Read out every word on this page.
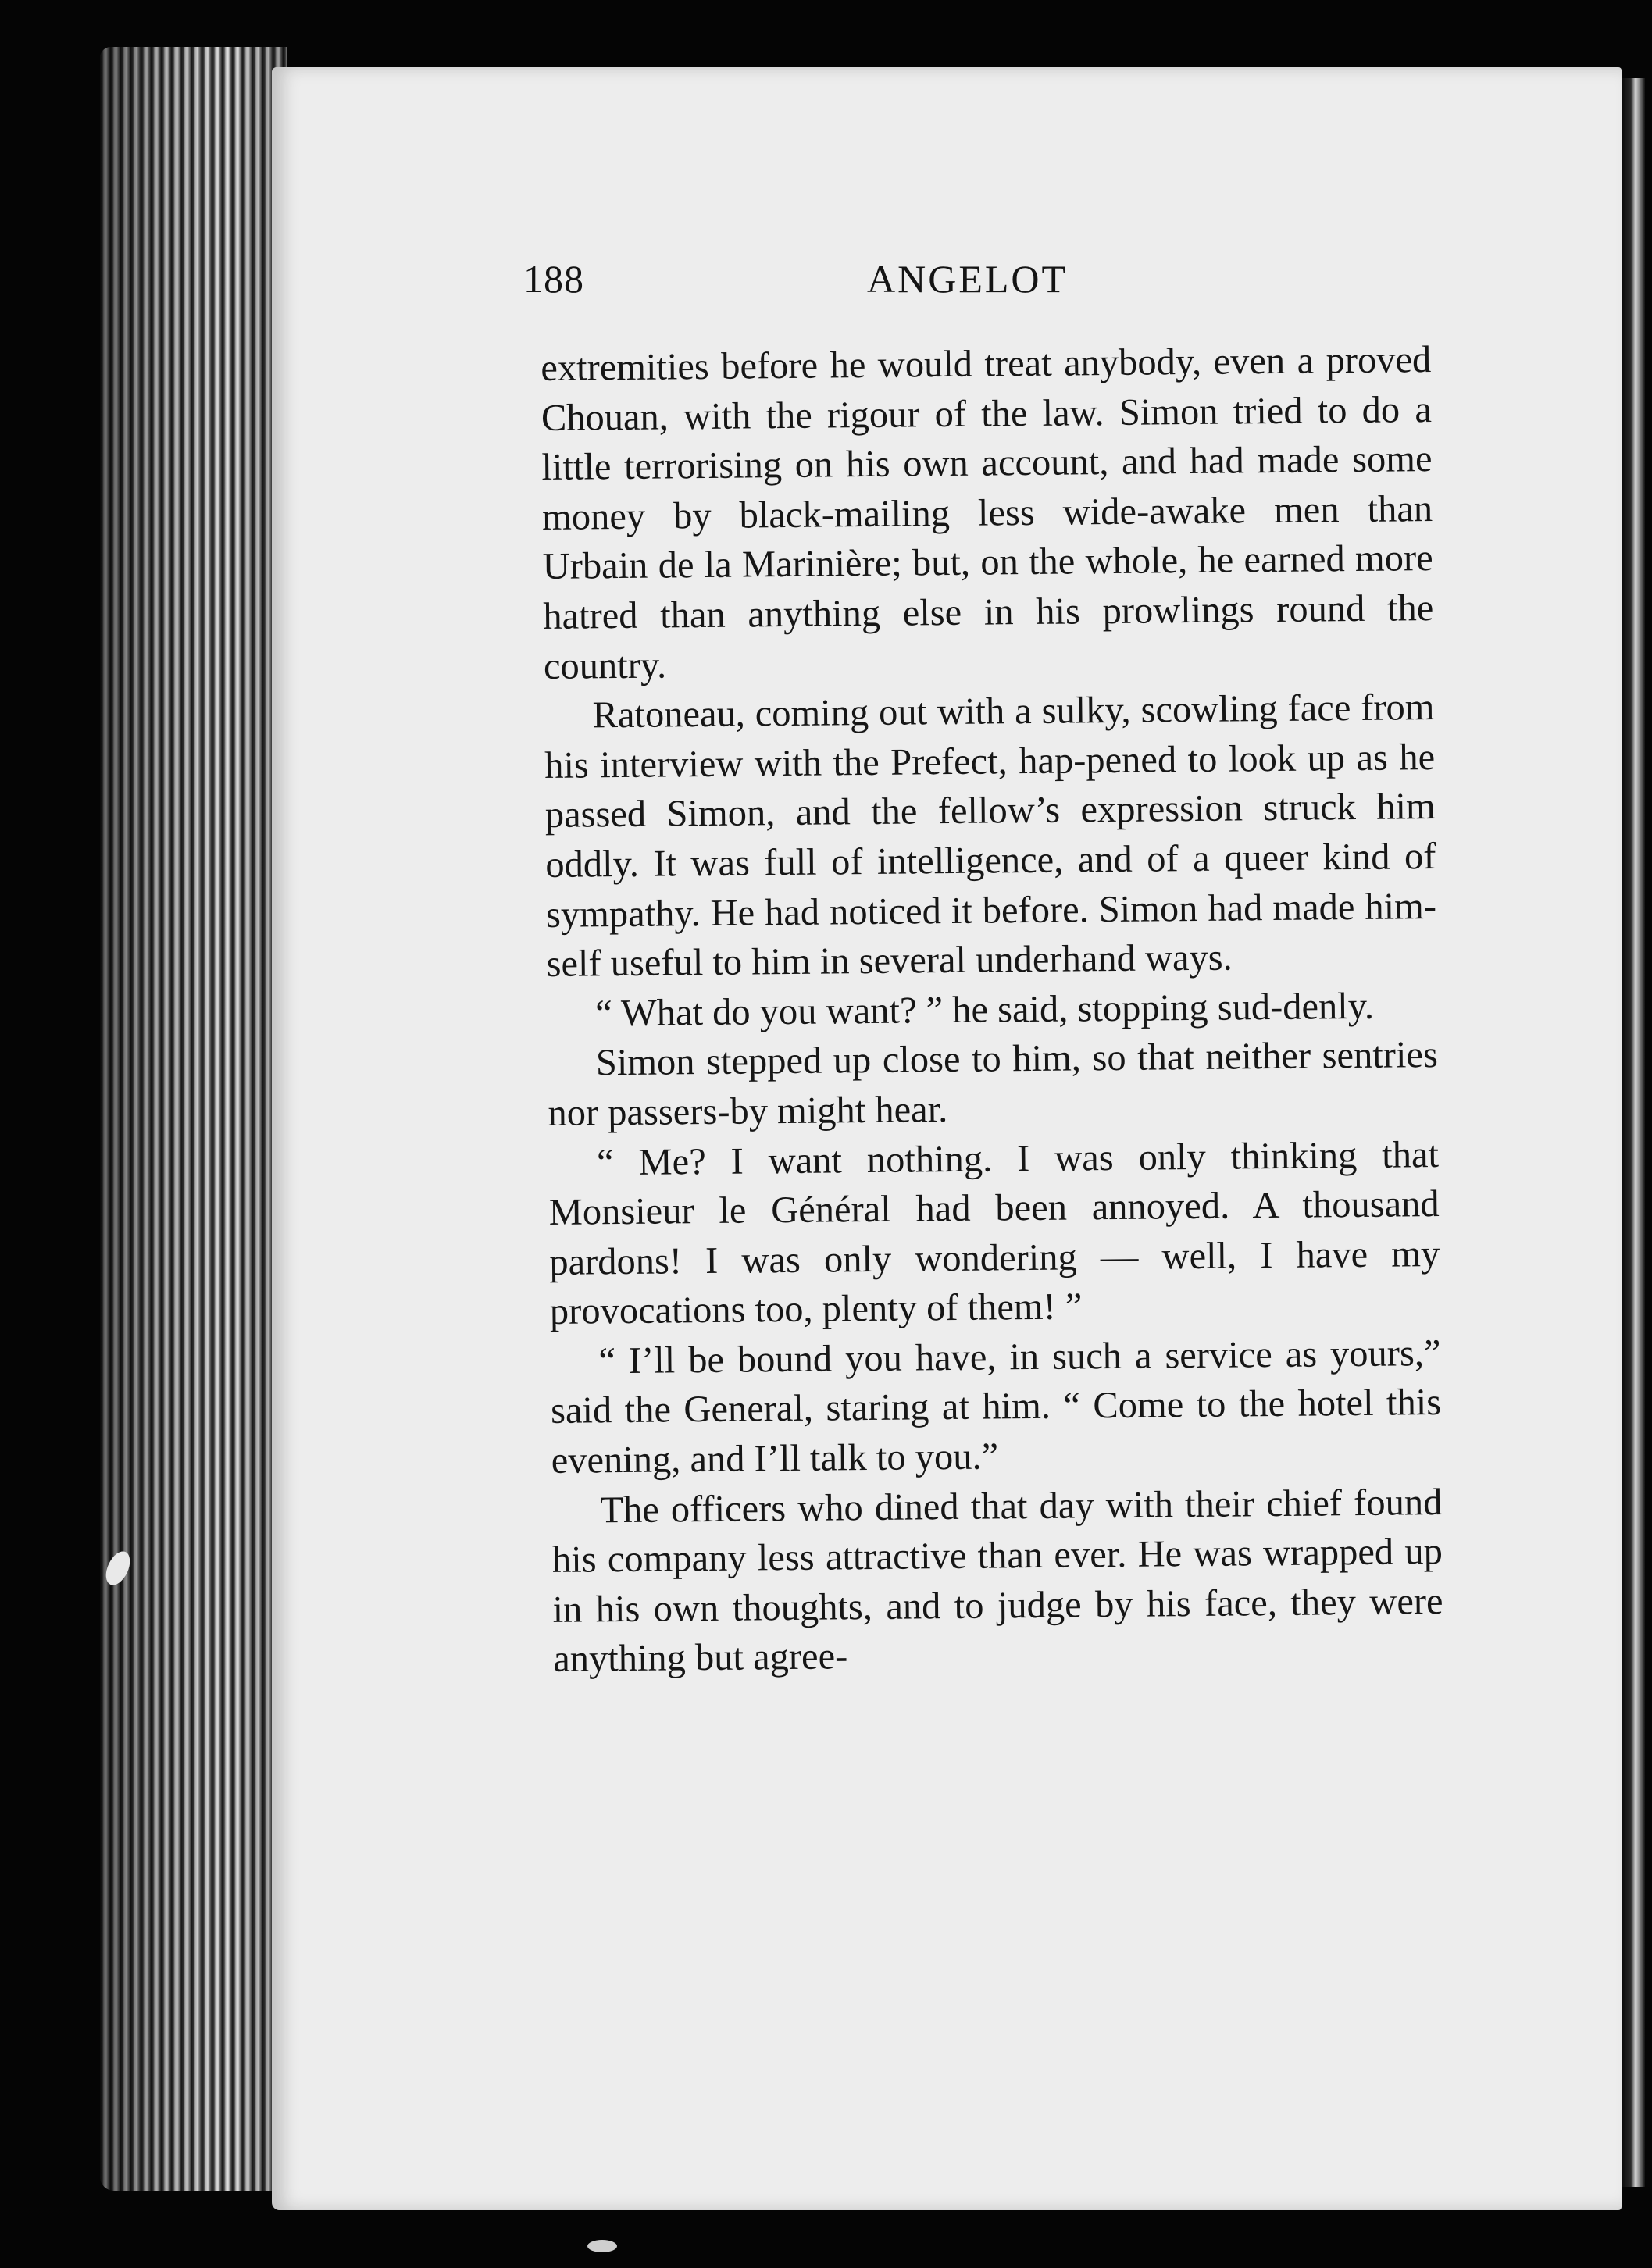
188	ANGELOT

extremities before he would treat anybody, even a proved Chouan, with the rigour of the law. Simon tried to do a little terrorising on his own account, and had made some money by black-mailing less wide-awake men than Urbain de la Marinière; but, on the whole, he earned more hatred than anything else in his prowlings round the country.

Ratoneau, coming out with a sulky, scowling face from his interview with the Prefect, hap-pened to look up as he passed Simon, and the fellow’s expression struck him oddly. It was full of intelligence, and of a queer kind of sympathy. He had noticed it before. Simon had made him-self useful to him in several underhand ways.

“ What do you want? ” he said, stopping sud-denly.

Simon stepped up close to him, so that neither sentries nor passers-by might hear.

“ Me? I want nothing. I was only thinking that Monsieur le Général had been annoyed. A thousand pardons! I was only wondering — well, I have my provocations too, plenty of them! ”

“ I’ll be bound you have, in such a service as yours,” said the General, staring at him. “ Come to the hotel this evening, and I’ll talk to you.”

The officers who dined that day with their chief found his company less attractive than ever. He was wrapped up in his own thoughts, and to judge by his face, they were anything but agree-
